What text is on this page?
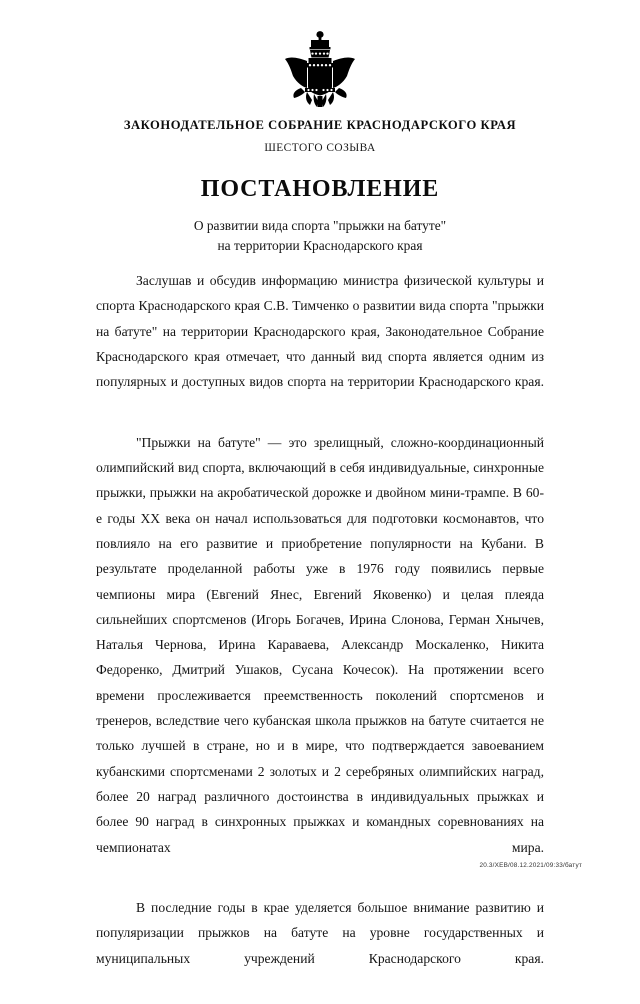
ЗАКОНОДАТЕЛЬНОЕ СОБРАНИЕ КРАСНОДАРСКОГО КРАЯ
ШЕСТОГО СОЗЫВА
ПОСТАНОВЛЕНИЕ
О развитии вида спорта "прыжки на батуте"
на территории Краснодарского края

Заслушав и обсудив информацию министра физической культуры и спорта Краснодарского края С.В. Тимченко о развитии вида спорта "прыжки на батуте" на территории Краснодарского края, Законодательное Собрание Краснодарского края отмечает, что данный вид спорта является одним из популярных и доступных видов спорта на территории Краснодарского края.

"Прыжки на батуте" — это зрелищный, сложно-координационный олимпийский вид спорта, включающий в себя индивидуальные, синхронные прыжки, прыжки на акробатической дорожке и двойном мини-трампе. В 60-е годы XX века он начал использоваться для подготовки космонавтов, что повлияло на его развитие и приобретение популярности на Кубани. В результате проделанной работы уже в 1976 году появились первые чемпионы мира (Евгений Янес, Евгений Яковенко) и целая плеяда сильнейших спортсменов (Игорь Богачев, Ирина Слонова, Герман Хнычев, Наталья Чернова, Ирина Караваева, Александр Москаленко, Никита Федоренко, Дмитрий Ушаков, Сусана Кочесок). На протяжении всего времени прослеживается преемственность поколений спортсменов и тренеров, вследствие чего кубанская школа прыжков на батуте считается не только лучшей в стране, но и в мире, что подтверждается завоеванием кубанскими спортсменами 2 золотых и 2 серебряных олимпийских наград, более 20 наград различного достоинства в индивидуальных прыжках и более 90 наград в синхронных прыжках и командных соревнованиях на чемпионатах мира.

В последние годы в крае уделяется большое внимание развитию и популяризации прыжков на батуте на уровне государственных и муниципальных учреждений Краснодарского края.

20.3/ХЕВ/08.12.2021/09:33/батут
